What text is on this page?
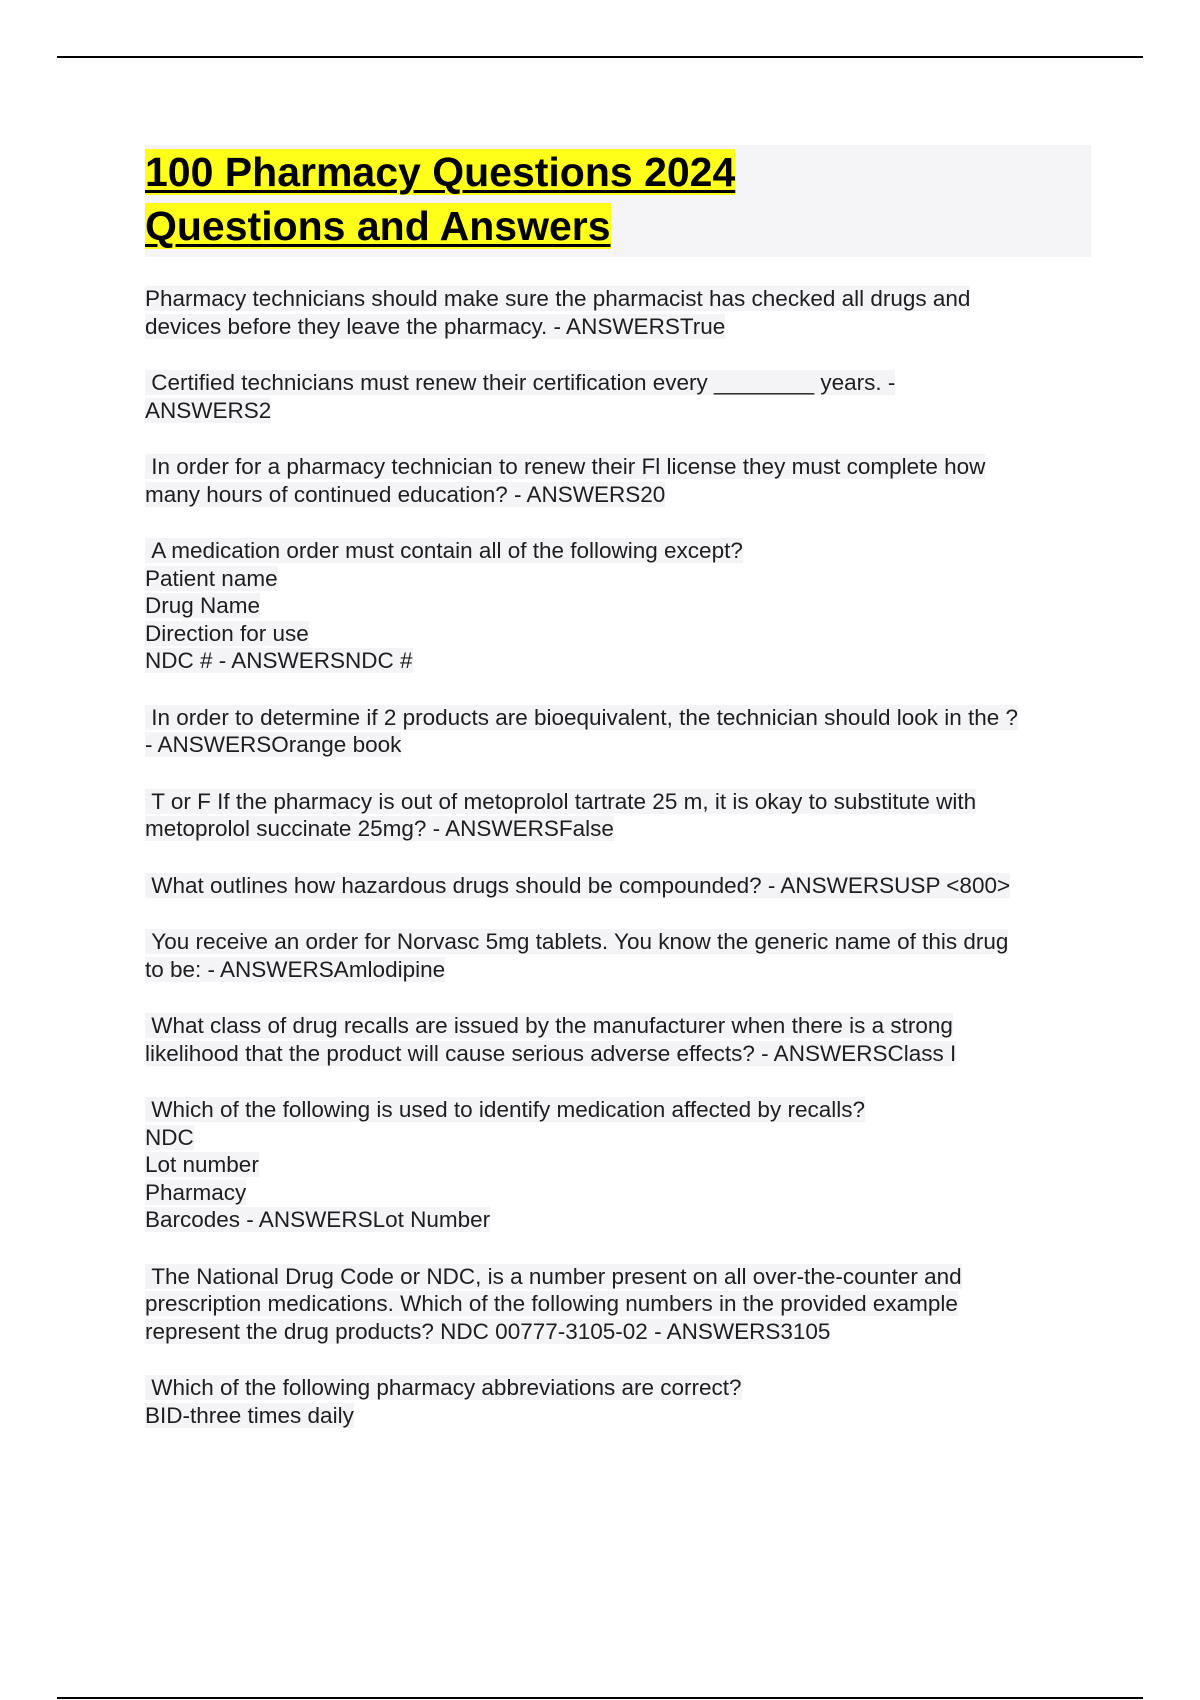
100 Pharmacy Questions 2024
Questions and Answers
Pharmacy technicians should make sure the pharmacist has checked all drugs and
devices before they leave the pharmacy. - ANSWERSTrue
Certified technicians must renew their certification every ________ years. -
ANSWERS2
In order for a pharmacy technician to renew their Fl license they must complete how
many hours of continued education? - ANSWERS20
A medication order must contain all of the following except?
Patient name
Drug Name
Direction for use
NDC # - ANSWERSNDC #
In order to determine if 2 products are bioequivalent, the technician should look in the ?
- ANSWERSOrange book
T or F If the pharmacy is out of metoprolol tartrate 25 m, it is okay to substitute with
metoprolol succinate 25mg? - ANSWERSFalse
What outlines how hazardous drugs should be compounded? - ANSWERSUSP <800>
You receive an order for Norvasc 5mg tablets. You know the generic name of this drug
to be: - ANSWERSAmlodipine
What class of drug recalls are issued by the manufacturer when there is a strong
likelihood that the product will cause serious adverse effects? - ANSWERSClass I
Which of the following is used to identify medication affected by recalls?
NDC
Lot number
Pharmacy
Barcodes - ANSWERSLot Number
The National Drug Code or NDC, is a number present on all over-the-counter and
prescription medications. Which of the following numbers in the provided example
represent the drug products? NDC 00777-3105-02 - ANSWERS3105
Which of the following pharmacy abbreviations are correct?
BID-three times daily
